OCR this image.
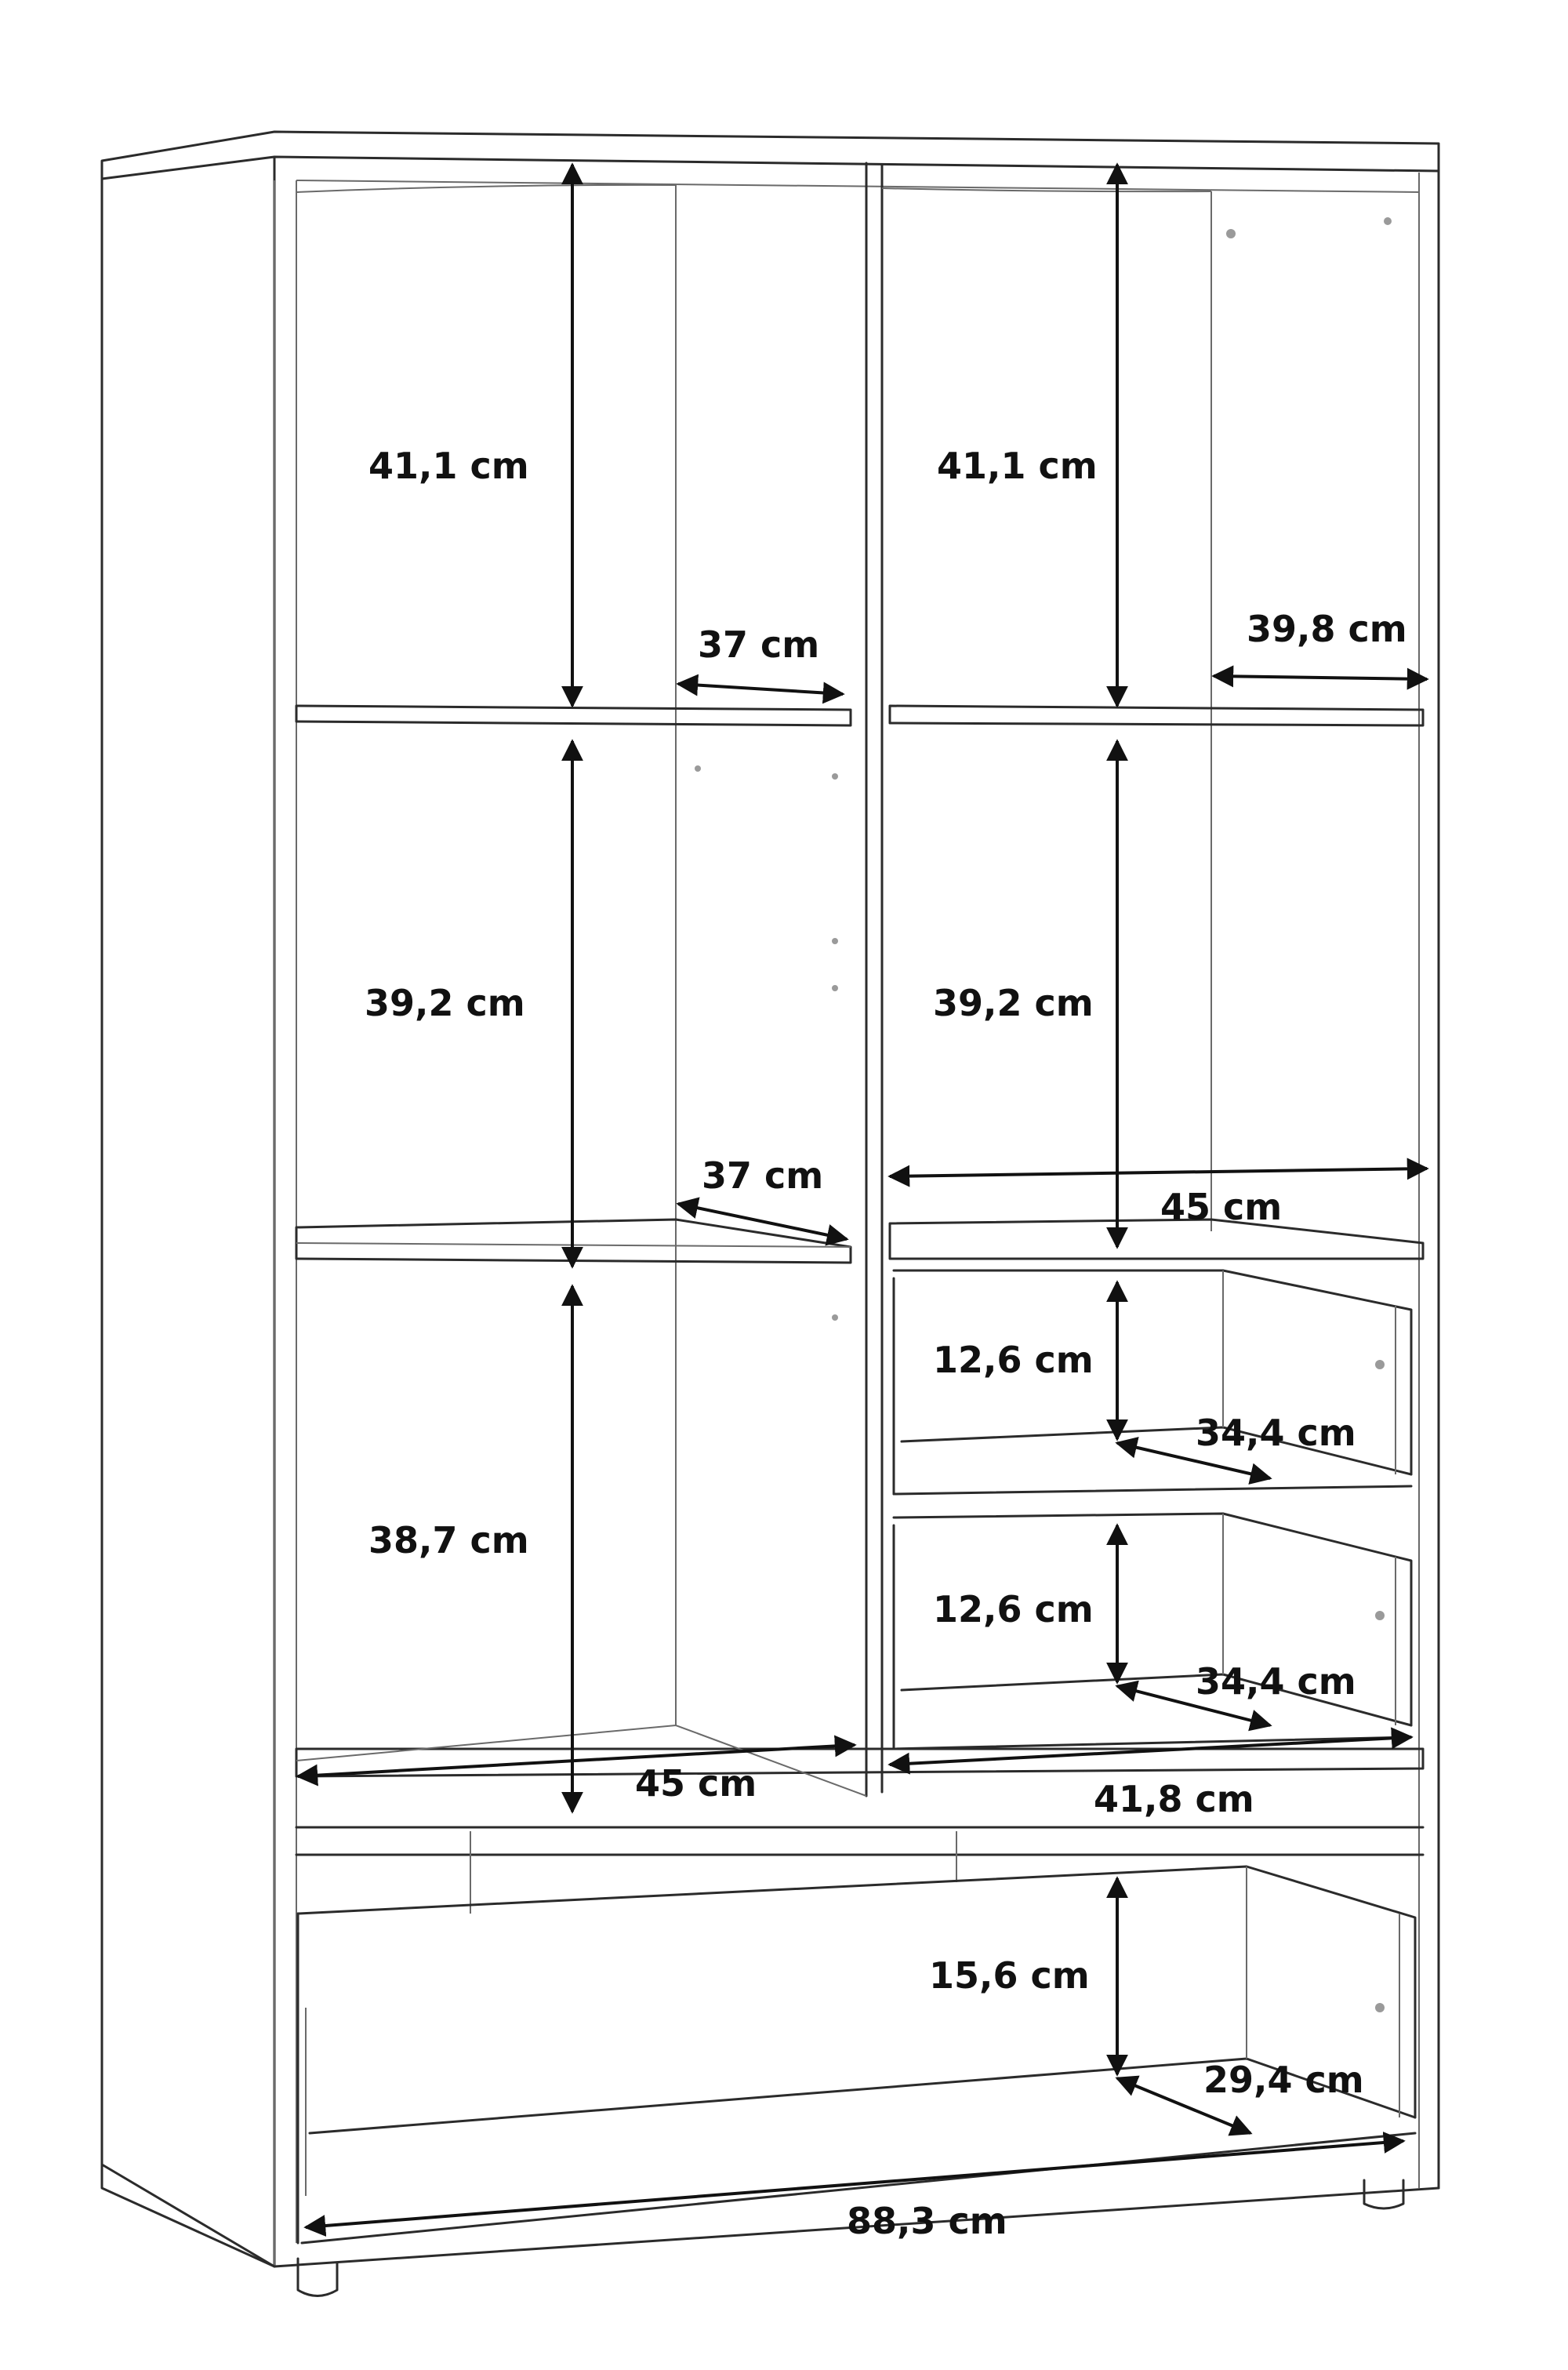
41,1 cm	41,1 cm
37 cm	39,8 cm
39,2 cm	39,2 cm
37 cm
45 cm
12,6 cm
34,4 cm
12,6 cm
34,4 cm
38,7 cm
45 cm	41,8 cm
15,6 cm
29,4 cm
88,3 cm
